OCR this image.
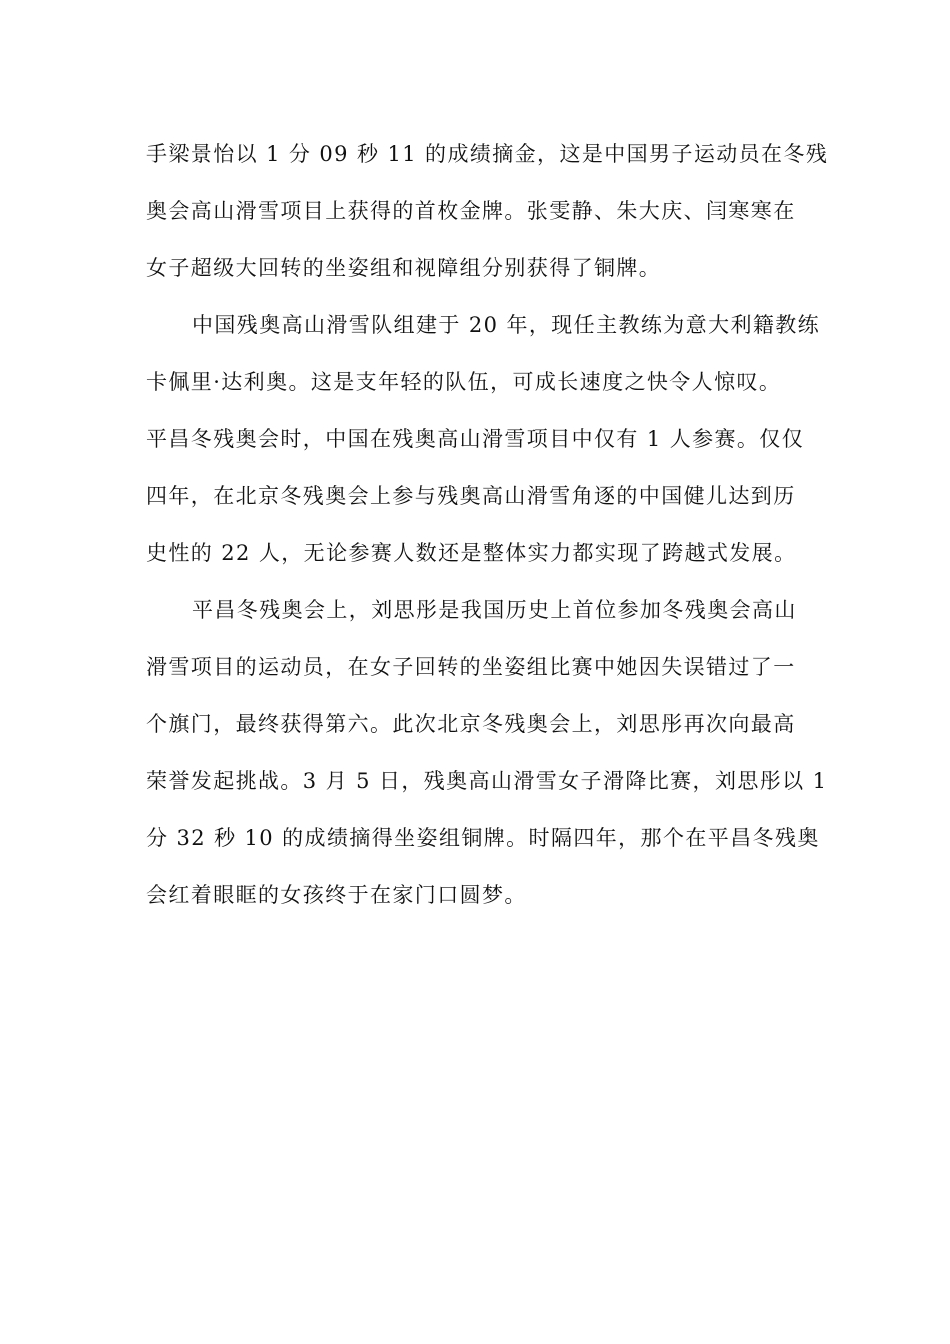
手梁景怡以 1 分 09 秒 11 的成绩摘金，这是中国男子运动员在冬残
奥会高山滑雪项目上获得的首枚金牌。张雯静、朱大庆、闫寒寒在
女子超级大回转的坐姿组和视障组分别获得了铜牌。
中国残奥高山滑雪队组建于 20 年，现任主教练为意大利籍教练
卡佩里·达利奥。这是支年轻的队伍，可成长速度之快令人惊叹。
平昌冬残奥会时，中国在残奥高山滑雪项目中仅有 1 人参赛。仅仅
四年，在北京冬残奥会上参与残奥高山滑雪角逐的中国健儿达到历
史性的 22 人，无论参赛人数还是整体实力都实现了跨越式发展。
平昌冬残奥会上，刘思彤是我国历史上首位参加冬残奥会高山
滑雪项目的运动员，在女子回转的坐姿组比赛中她因失误错过了一
个旗门，最终获得第六。此次北京冬残奥会上，刘思彤再次向最高
荣誉发起挑战。3 月 5 日，残奥高山滑雪女子滑降比赛，刘思彤以 1
分 32 秒 10 的成绩摘得坐姿组铜牌。时隔四年，那个在平昌冬残奥
会红着眼眶的女孩终于在家门口圆梦。
